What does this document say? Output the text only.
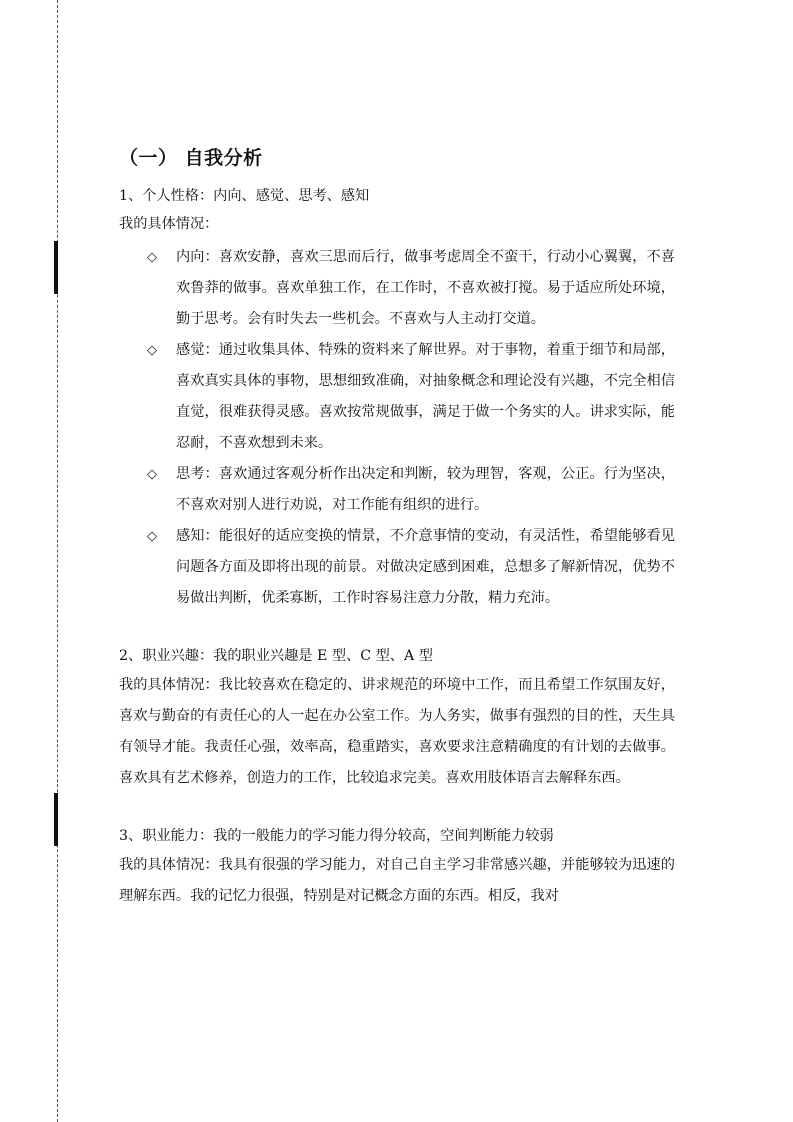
（一） 自我分析

1、个人性格：内向、感觉、思考、感知

我的具体情况：

◇ 内向：喜欢安静，喜欢三思而后行，做事考虑周全不蛮干，行动小心翼翼，不喜欢鲁莽的做事。喜欢单独工作，在工作时，不喜欢被打搅。易于适应所处环境，勤于思考。会有时失去一些机会。不喜欢与人主动打交道。
◇ 感觉：通过收集具体、特殊的资料来了解世界。对于事物，着重于细节和局部，喜欢真实具体的事物，思想细致准确，对抽象概念和理论没有兴趣，不完全相信直觉，很难获得灵感。喜欢按常规做事，满足于做一个务实的人。讲求实际，能忍耐，不喜欢想到未来。
◇ 思考：喜欢通过客观分析作出决定和判断，较为理智，客观，公正。行为坚决，不喜欢对别人进行劝说，对工作能有组织的进行。
◇ 感知：能很好的适应变换的情景，不介意事情的变动，有灵活性，希望能够看见问题各方面及即将出现的前景。对做决定感到困难，总想多了解新情况，优势不易做出判断，优柔寡断，工作时容易注意力分散，精力充沛。

2、职业兴趣：我的职业兴趣是 E 型、C 型、A 型

我的具体情况：我比较喜欢在稳定的、讲求规范的环境中工作，而且希望工作氛围友好，喜欢与勤奋的有责任心的人一起在办公室工作。为人务实，做事有强烈的目的性，天生具有领导才能。我责任心强，效率高，稳重踏实，喜欢要求注意精确度的有计划的去做事。喜欢具有艺术修养，创造力的工作，比较追求完美。喜欢用肢体语言去解释东西。

3、职业能力：我的一般能力的学习能力得分较高，空间判断能力较弱

我的具体情况：我具有很强的学习能力，对自己自主学习非常感兴趣，并能够较为迅速的理解东西。我的记忆力很强，特别是对记概念方面的东西。相反，我对
